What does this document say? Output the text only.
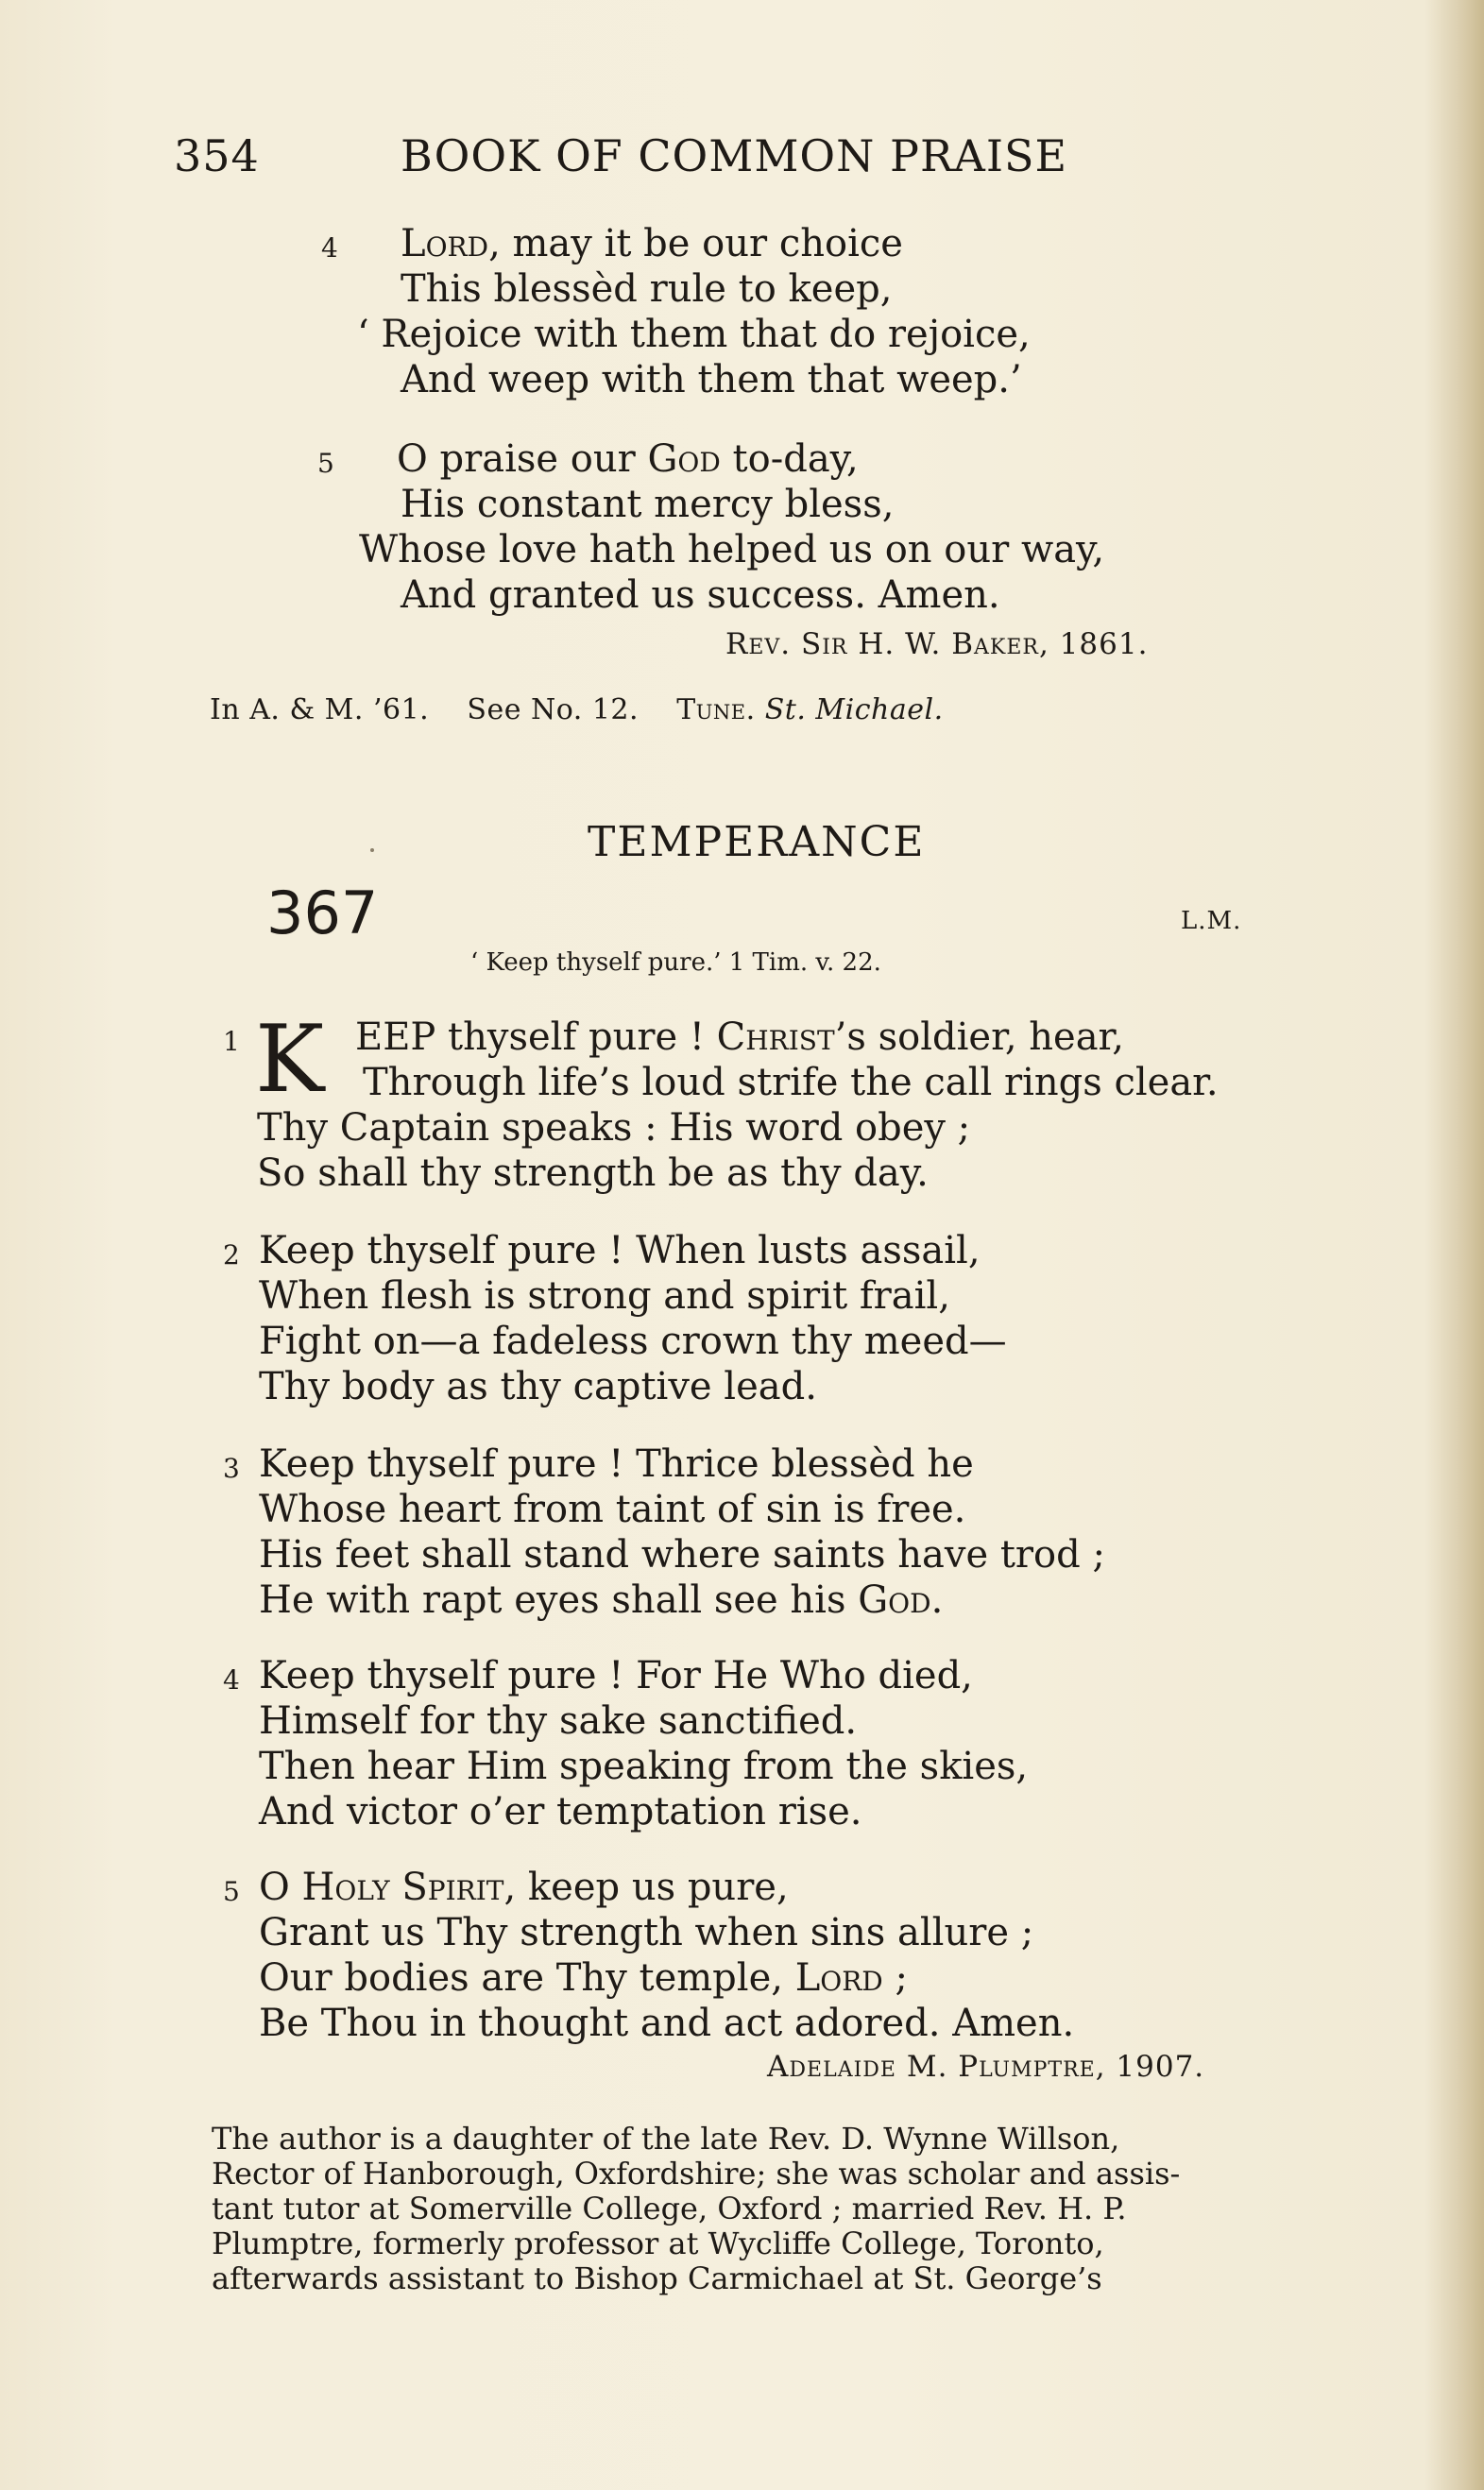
354	BOOK OF COMMON PRAISE
4 Lord, may it be our choice
This blessèd rule to keep,
‘ Rejoice with them that do rejoice,
And weep with them that weep.’
5 O praise our God to-day,
His constant mercy bless,
Whose love hath helped us on our way,
And granted us success. Amen.
Rev. Sir H. W. Baker, 1861.
In A. & M. ’61. See No. 12. Tune. St. Michael.
TEMPERANCE
367	L.M.
‘ Keep thyself pure.’ 1 Tim. v. 22.
1 K EEP thyself pure ! Christ’s soldier, hear,
Through life’s loud strife the call rings clear.
Thy Captain speaks : His word obey ;
So shall thy strength be as thy day.
2 Keep thyself pure ! When lusts assail,
When flesh is strong and spirit frail,
Fight on—a fadeless crown thy meed—
Thy body as thy captive lead.
3 Keep thyself pure ! Thrice blessèd he
Whose heart from taint of sin is free.
His feet shall stand where saints have trod ;
He with rapt eyes shall see his God.
4 Keep thyself pure ! For He Who died,
Himself for thy sake sanctified.
Then hear Him speaking from the skies,
And victor o’er temptation rise.
5 O Holy Spirit, keep us pure,
Grant us Thy strength when sins allure ;
Our bodies are Thy temple, Lord ;
Be Thou in thought and act adored. Amen.
Adelaide M. Plumptre, 1907.

The author is a daughter of the late Rev. D. Wynne Willson,

Rector of Hanborough, Oxfordshire; she was scholar and assis-

tant tutor at Somerville College, Oxford ; married Rev. H. P.

Plumptre, formerly professor at Wycliffe College, Toronto,

afterwards assistant to Bishop Carmichael at St. George’s
